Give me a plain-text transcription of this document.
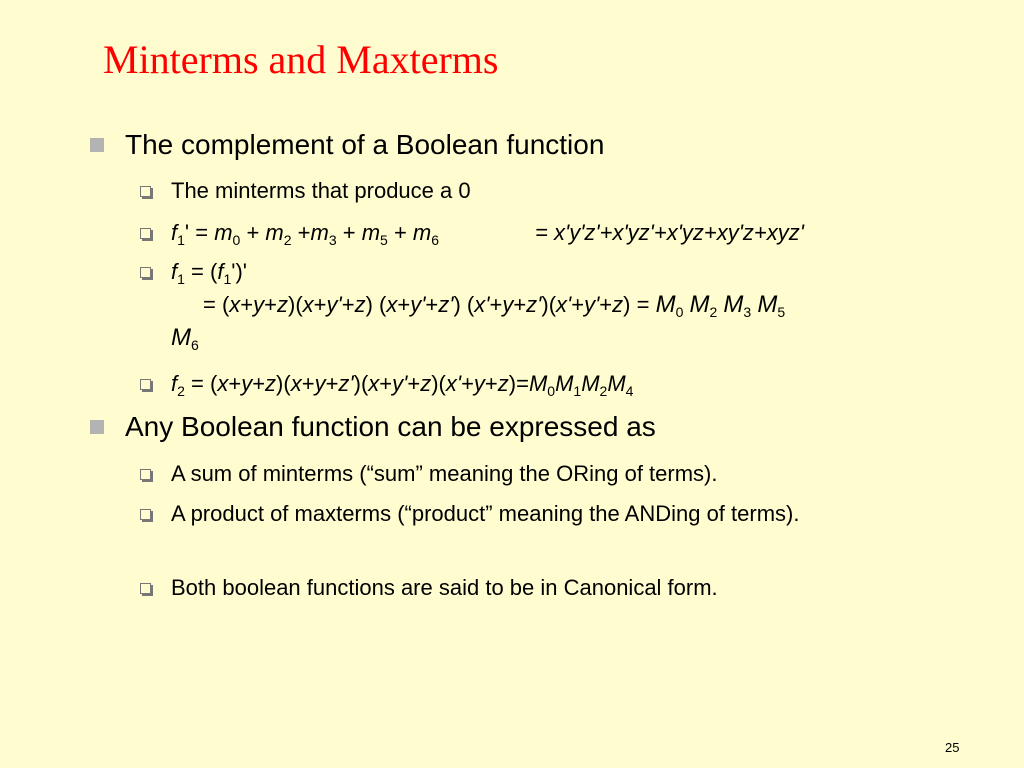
Minterms and Maxterms
The complement of a Boolean function
The minterms that produce a 0
$f_1' = m_0 + m_2 +m_3 + m_5 + m_6$	= x'y'z'+x'yz'+x'yz+xy'z+xyz'
$f_1 = (f_1')'$
= (x+y+z)(x+y'+z) (x+y'+z') $(x'+y+z')(x'+y'+z) = M_0$ $M_2$ $M_3$ $M_5$
$M_6$
$f_2 = (x+y+z)(x+y+z')(x+y'+z)(x'+y+z)=M_0M_1M_2M_4$
Any Boolean function can be expressed as
A sum of minterms (“sum” meaning the ORing of terms).
A product of maxterms (“product” meaning the ANDing of terms).
Both boolean functions are said to be in Canonical form.
25
